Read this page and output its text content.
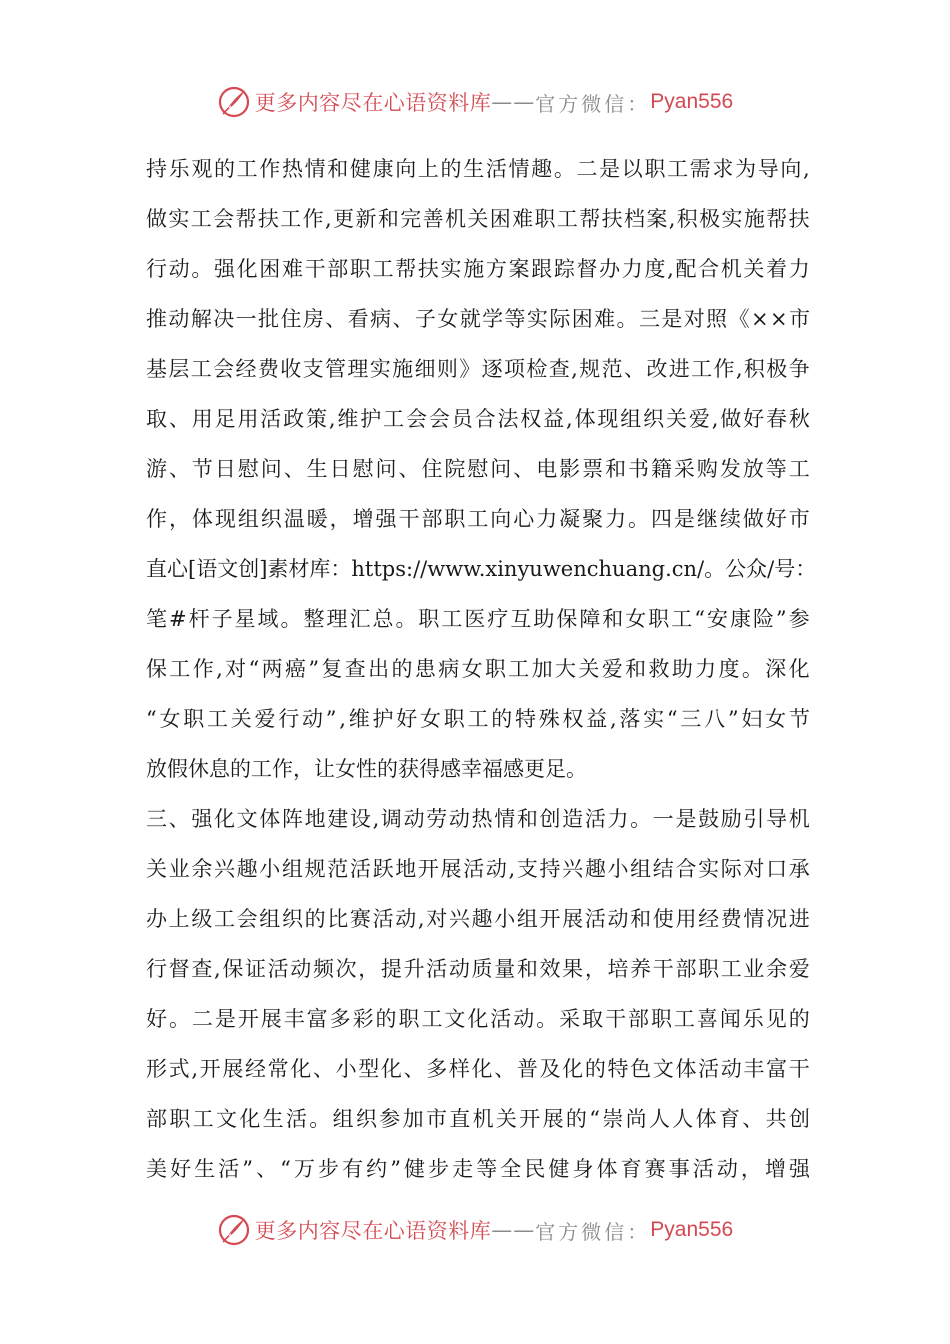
更多内容尽在心语资料库 —— 官方微信： Pyan556
持 乐 观 的 工 作 热 情 和 健 康 向 上 的 生 活 情 趣 。 二 是 以 职 工 需 求 为 导 向 ,
做 实 工 会 帮 扶 工 作 , 更 新 和 完 善 机 关 困 难 职 工 帮 扶 档 案 , 积 极 实 施 帮 扶
行 动 。 强 化 困 难 干 部 职 工 帮 扶 实 施 方 案 跟 踪 督 办 力 度 , 配 合 机 关 着 力
推 动 解 决 一 批 住 房 、 看 病 、 子 女 就 学 等 实 际 困 难 。 三 是 对 照 《 × × 市
基 层 工 会 经 费 收 支 管 理 实 施 细 则 》 逐 项 检 查 , 规 范 、 改 进 工 作 , 积 极 争
取 、 用 足 用 活 政 策 , 维 护 工 会 会 员 合 法 权 益 , 体 现 组 织 关 爱 , 做 好 春 秋
游 、 节 日 慰 问 、 生 日 慰 问 、 住 院 慰 问 、 电 影 票 和 书 籍 采 购 发 放 等 工
作 ， 体 现 组 织 温 暖 ， 增 强 干 部 职 工 向 心 力 凝 聚 力 。 四 是 继 续 做 好 市
直 心 [ 语 文 创 ] 素 材 库 ： https://www.xinyuwenchuang.cn/ 。 公 众 / 号 ：
笔 # 杆 子 星 域 。 整 理 汇 总 。 职 工 医 疗 互 助 保 障 和 女 职 工 “ 安 康 险 ” 参
保 工 作 , 对 “ 两 癌 ” 复 查 出 的 患 病 女 职 工 加 大 关 爱 和 救 助 力 度 。 深 化
“ 女 职 工 关 爱 行 动 ” , 维 护 好 女 职 工 的 特 殊 权 益 , 落 实 “ 三 八 ” 妇 女 节
放假休息的工作，让女性的获得感幸福感更足。
三 、 强 化 文 体 阵 地 建 设 , 调 动 劳 动 热 情 和 创 造 活 力 。 一 是 鼓 励 引 导 机
关 业 余 兴 趣 小 组 规 范 活 跃 地 开 展 活 动 , 支 持 兴 趣 小 组 结 合 实 际 对 口 承
办 上 级 工 会 组 织 的 比 赛 活 动 , 对 兴 趣 小 组 开 展 活 动 和 使 用 经 费 情 况 进
行 督 查 , 保 证 活 动 频 次 ， 提 升 活 动 质 量 和 效 果 ， 培 养 干 部 职 工 业 余 爱
好 。 二 是 开 展 丰 富 多 彩 的 职 工 文 化 活 动 。 采 取 干 部 职 工 喜 闻 乐 见 的
形 式 , 开 展 经 常 化 、 小 型 化 、 多 样 化 、 普 及 化 的 特 色 文 体 活 动 丰 富 干
部 职 工 文 化 生 活 。 组 织 参 加 市 直 机 关 开 展 的 “ 崇 尚 人 人 体 育 、 共 创
美 好 生 活 ” 、 “ 万 步 有 约 ” 健 步 走 等 全 民 健 身 体 育 赛 事 活 动 ， 增 强
更多内容尽在心语资料库 —— 官方微信： Pyan556
